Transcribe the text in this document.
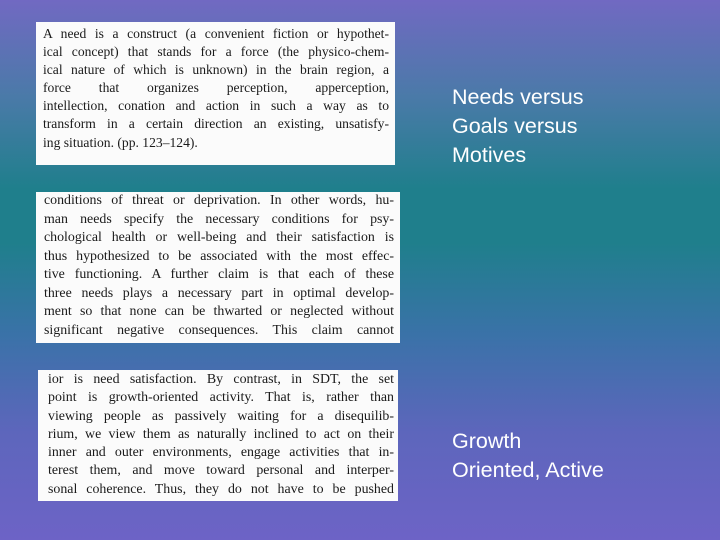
A need is a construct (a convenient fiction or hypothet-
ical concept) that stands for a force (the physico-chem-
ical nature of which is unknown) in the brain region, a
force that organizes perception, apperception,
intellection, conation and action in such a way as to
transform in a certain direction an existing, unsatisfy-
ing situation. (pp. 123–124).
conditions of threat or deprivation. In other words, hu-
man needs specify the necessary conditions for psy-
chological health or well-being and their satisfaction is
thus hypothesized to be associated with the most effec-
tive functioning. A further claim is that each of these
three needs plays a necessary part in optimal develop-
ment so that none can be thwarted or neglected without
significant negative consequences. This claim cannot
ior is need satisfaction. By contrast, in SDT, the set
point is growth-oriented activity. That is, rather than
viewing people as passively waiting for a disequilib-
rium, we view them as naturally inclined to act on their
inner and outer environments, engage activities that in-
terest them, and move toward personal and interper-
sonal coherence. Thus, they do not have to be pushed
Needs versus
Goals versus
Motives
Growth
Oriented, Active
